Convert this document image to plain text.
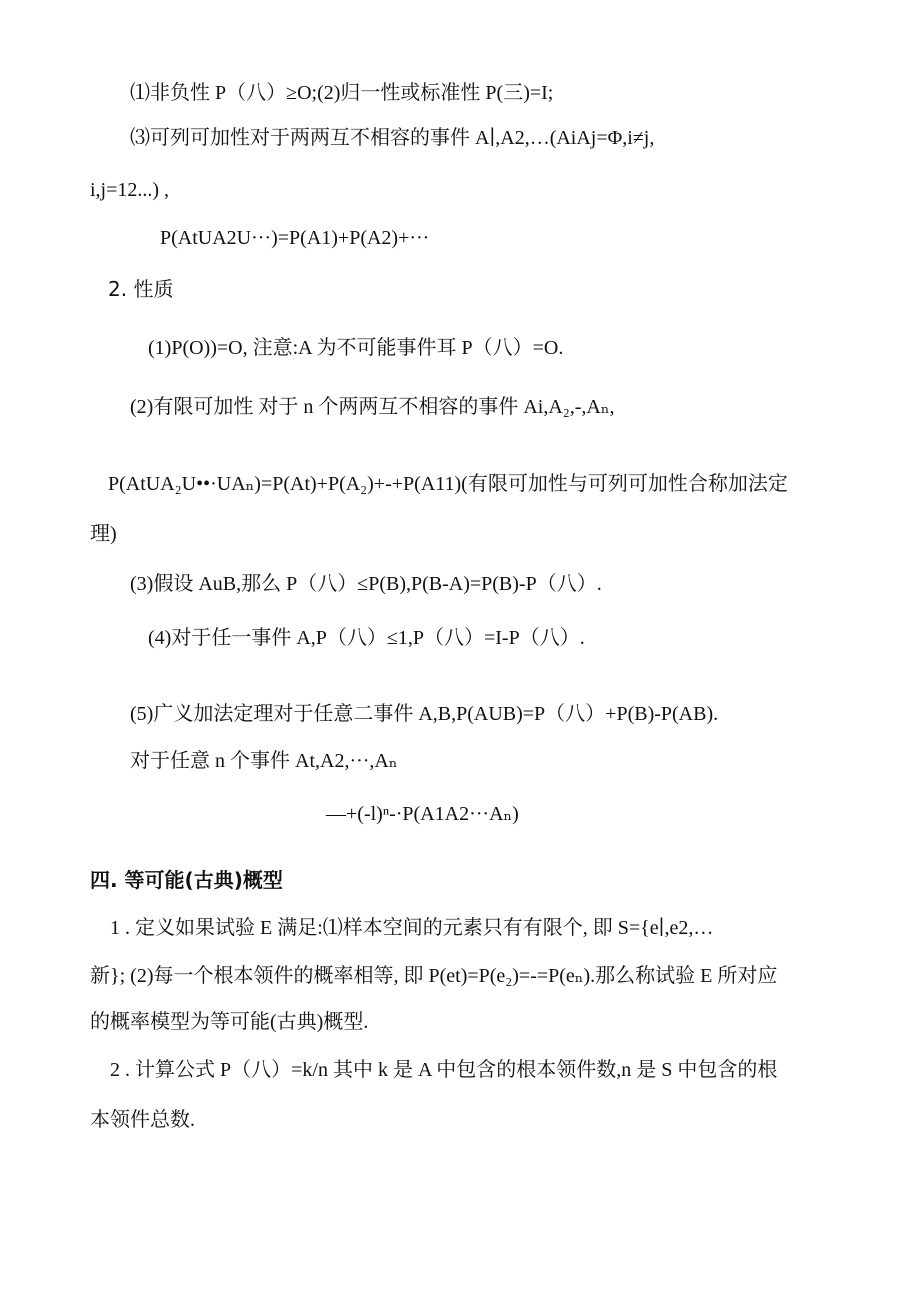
⑴非负性 P（八）≥O;(2)归一性或标准性 P(三)=I;
⑶可列可加性对于两两互不相容的事件 A∣,A2,…(AiAj=Φ,i≠j,
i,j=12...) ,
P(AtUA2U···)=P(A1)+P(A2)+···
2. 性质
(1)P(O))=O, 注意:A 为不可能事件耳 P（八）=O.
(2)有限可加性 对于 n 个两两互不相容的事件 Ai,A₂,-,Aₙ,
P(AtUA₂U••·UAₙ)=P(At)+P(A₂)+-+P(A11)(有限可加性与可列可加性合称加法定
理)
(3)假设 AuB,那么 P（八）≤P(B),P(B-A)=P(B)-P（八）.
(4)对于任一事件 A,P（八）≤1,P（八）=I-P（八）.
(5)广义加法定理对于任意二事件 A,B,P(AUB)=P（八）+P(B)-P(AB).
对于任意 n 个事件 At,A2,···,Aₙ
—+(-l)ⁿ-·P(A1A2···Aₙ)
四. 等可能(古典)概型
1 . 定义如果试验 E 满足:⑴样本空间的元素只有有限个, 即 S={e∣,e2,…
新}; (2)每一个根本领件的概率相等, 即 P(et)=P(e₂)=-=P(eₙ).那么称试验 E 所对应
的概率模型为等可能(古典)概型.
2 . 计算公式 P（八）=k/n 其中 k 是 A 中包含的根本领件数,n 是 S 中包含的根
本领件总数.
